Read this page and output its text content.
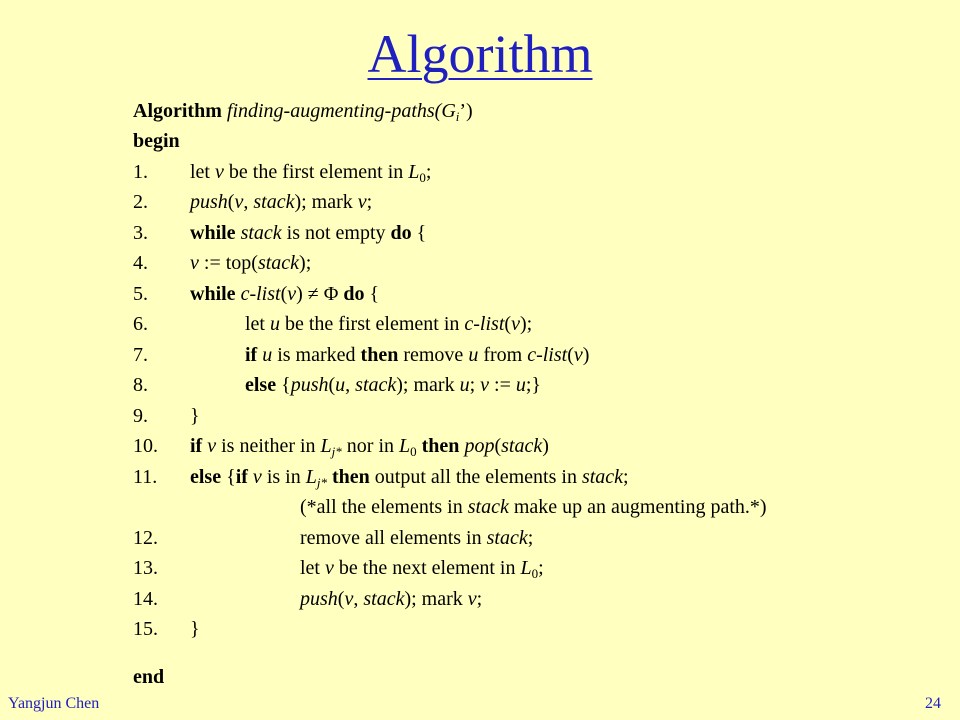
Algorithm
Algorithm finding-$augmenting-paths(G_i’)$
begin
1. let v be the first element in $L_0$;
2. push(v, stack); mark v;
3. while stack is not empty do {
4. v := top(stack);
5. while c-list(v) ≠ Φ do {
6.	let u be the first element in c-list(v);
7.	if u is marked then remove u from c-list(v)
8.	else {push(u, stack); mark u; v := u;}
9. }
10. if v is neither in $L_{j*}$ nor in $L_0$ then pop(stack)
11. else {if v is in $L_{j*}$ then output all the elements in stack;
(*all the elements in stack make up an augmenting path.*)
12.	remove all elements in stack;
13.	let v be the next element in $L_0$;
14.	push(v, stack); mark v;
15. }
end
Yangjun Chen	24
